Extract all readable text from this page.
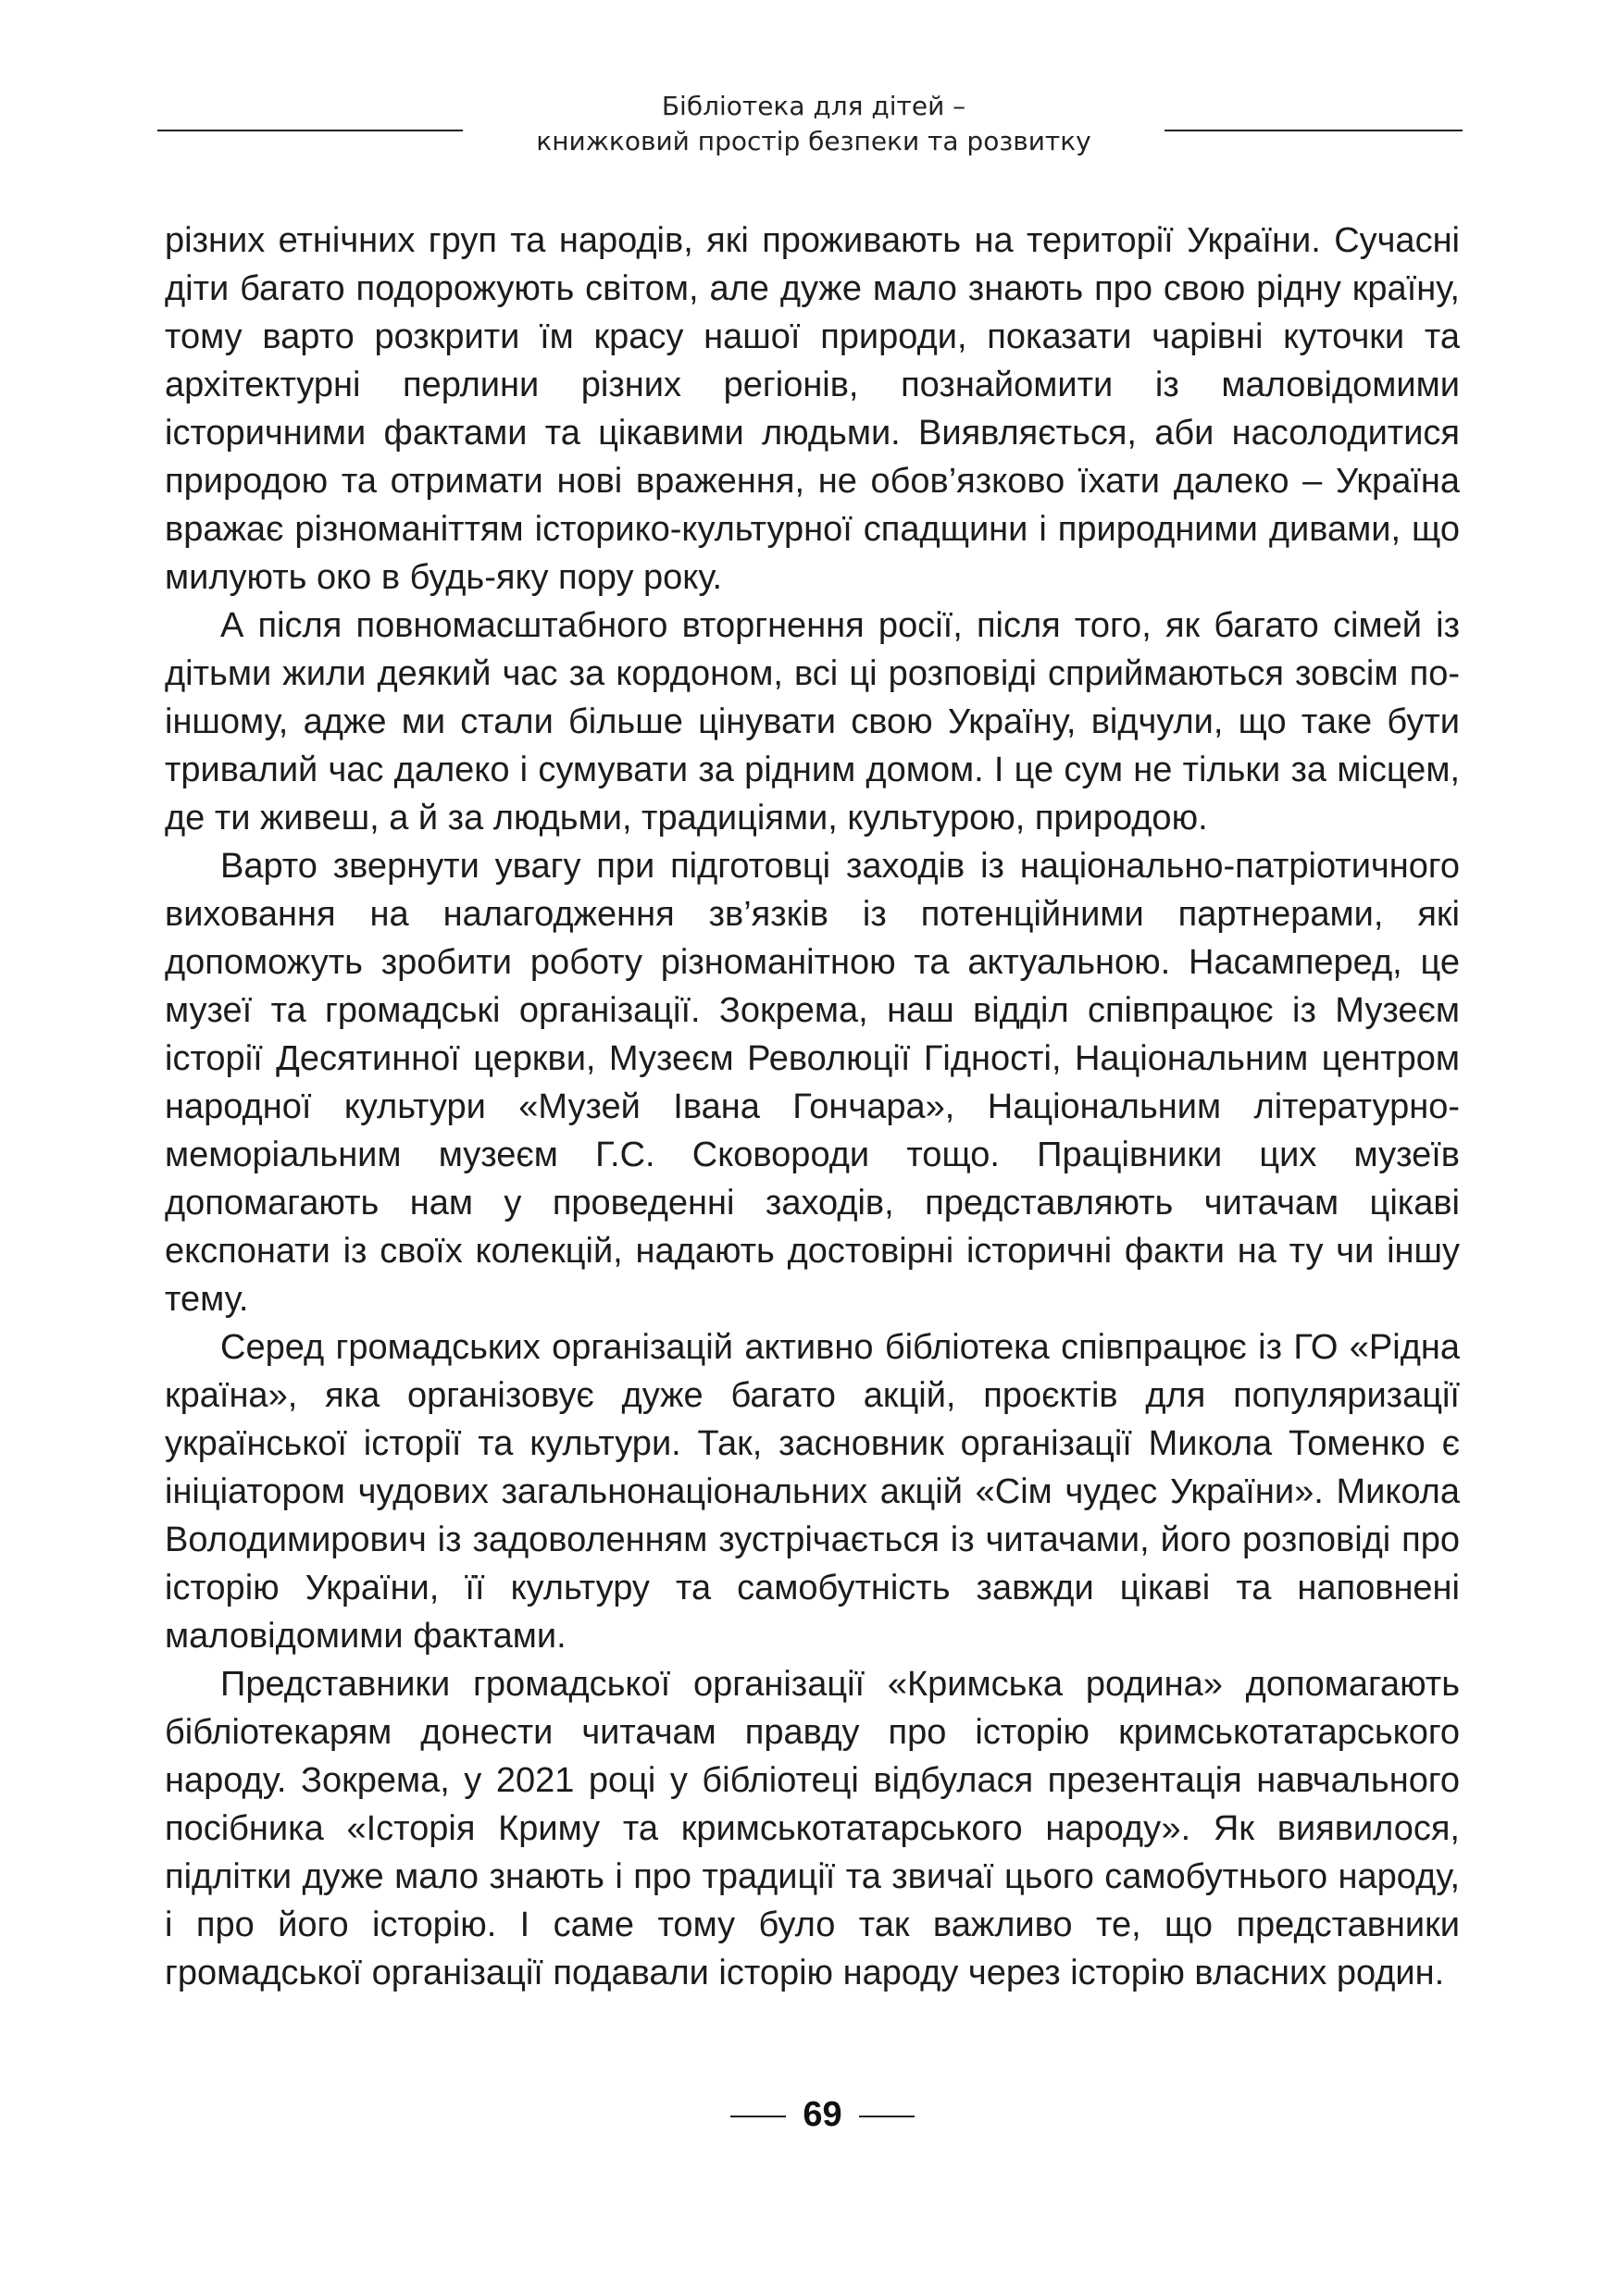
Бібліотека для дітей –
книжковий простір безпеки та розвитку

різних етнічних груп та народів, які проживають на території України. Сучасні діти багато подорожують світом, але дуже мало знають про свою рідну країну, тому варто розкрити їм красу нашої природи, показати чарівні куточки та архітектурні перлини різних регіонів, познайомити із маловідомими історичними фактами та цікавими людьми. Виявляється, аби насолодитися природою та отримати нові враження, не обов’язково їхати далеко – Україна вражає різноманіттям історико-культурної спадщини і природними дивами, що милують око в будь-яку пору року.

А після повномасштабного вторгнення росії, після того, як багато сімей із дітьми жили деякий час за кордоном, всі ці розповіді сприймаються зовсім по-іншому, адже ми стали більше цінувати свою Україну, відчули, що таке бути тривалий час далеко і сумувати за рідним домом. І це сум не тільки за місцем, де ти живеш, а й за людьми, традиціями, культурою, природою.

Варто звернути увагу при підготовці заходів із національно-патріотичного виховання на налагодження зв’язків із потенційними партнерами, які допоможуть зробити роботу різноманітною та актуальною. Насамперед, це музеї та громадські організації. Зокрема, наш відділ співпрацює із Музеєм історії Десятинної церкви, Музеєм Революції Гідності, Національним центром народної культури «Музей Івана Гончара», Національним літературно-меморіальним музеєм Г.С. Сковороди тощо. Працівники цих музеїв допомагають нам у проведенні заходів, представляють читачам цікаві експонати із своїх колекцій, надають достовірні історичні факти на ту чи іншу тему.

Серед громадських організацій активно бібліотека співпрацює із ГО «Рідна країна», яка організовує дуже багато акцій, проєктів для популяризації української історії та культури. Так, засновник організації Микола Томенко є ініціатором чудових загальнонаціональних акцій «Сім чудес України». Микола Володимирович із задоволенням зустрічається із читачами, його розповіді про історію України, її культуру та самобутність завжди цікаві та наповнені маловідомими фактами.

Представники громадської організації «Кримська родина» допомагають бібліотекарям донести читачам правду про історію кримськотатарського народу. Зокрема, у 2021 році у бібліотеці відбулася презентація навчального посібника «Історія Криму та кримськотатарського народу». Як виявилося, підлітки дуже мало знають і про традиції та звичаї цього самобутнього народу, і про його історію. І саме тому було так важливо те, що представники громадської організації подавали історію народу через історію власних родин.

69
